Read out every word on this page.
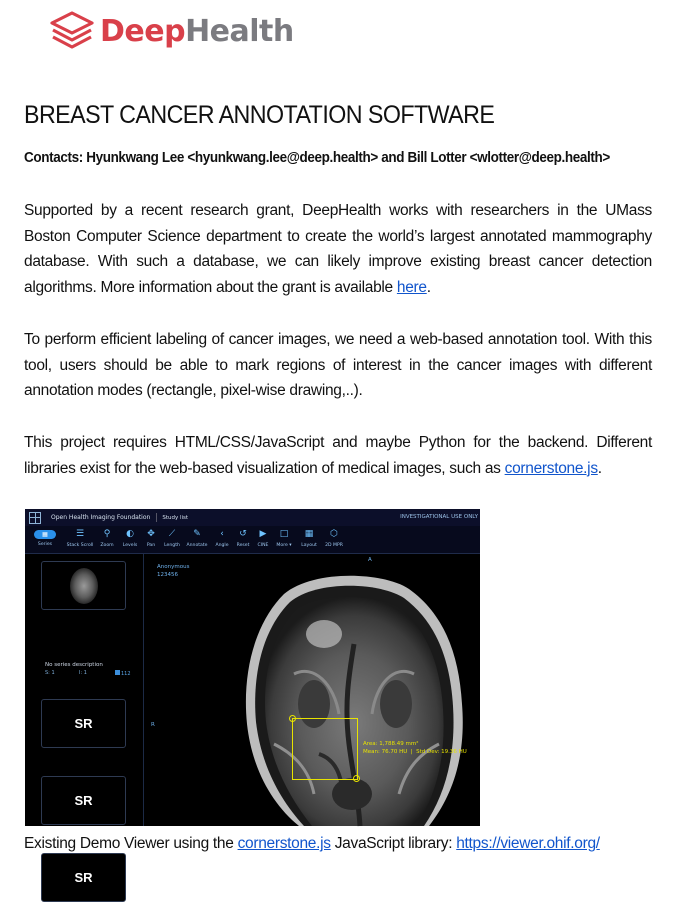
DeepHealth
BREAST CANCER ANNOTATION SOFTWARE
Contacts: Hyunkwang Lee <hyunkwang.lee@deep.health> and Bill Lotter <wlotter@deep.health>

Supported by a recent research grant, DeepHealth works with researchers in the UMass Boston Computer Science department to create the world’s largest annotated mammography database. With such a database, we can likely improve existing breast cancer detection algorithms. More information about the grant is available here.

To perform efficient labeling of cancer images, we need a web-based annotation tool. With this tool, users should be able to mark regions of interest in the cancer images with different annotation modes (rectangle, pixel-wise drawing,..).

This project requires HTML/CSS/JavaScript and maybe Python for the backend. Different libraries exist for the web-based visualization of medical images, such as cornerstone.js.

Open Health Imaging Foundation Study list	INVESTIGATIONAL USE ONLY
▦
Series
☰
Stack Scroll
⚲
Zoom
◐
Levels
✥
Pan
⟋
Length
✎
Annotate
‹
Angle
↺
Reset
▶
CINE
□
More ▾
▦
Layout
⬡
2D MPR
No series description
S: 1	I: 1	112
SR
SR
SR
Anonymous
123456
A
R
Area: 1,788.49 mm²
Mean: 76.70 HU  |  Std Dev: 19.36 HU
Existing Demo Viewer using the cornerstone.js JavaScript library: https://viewer.ohif.org/
